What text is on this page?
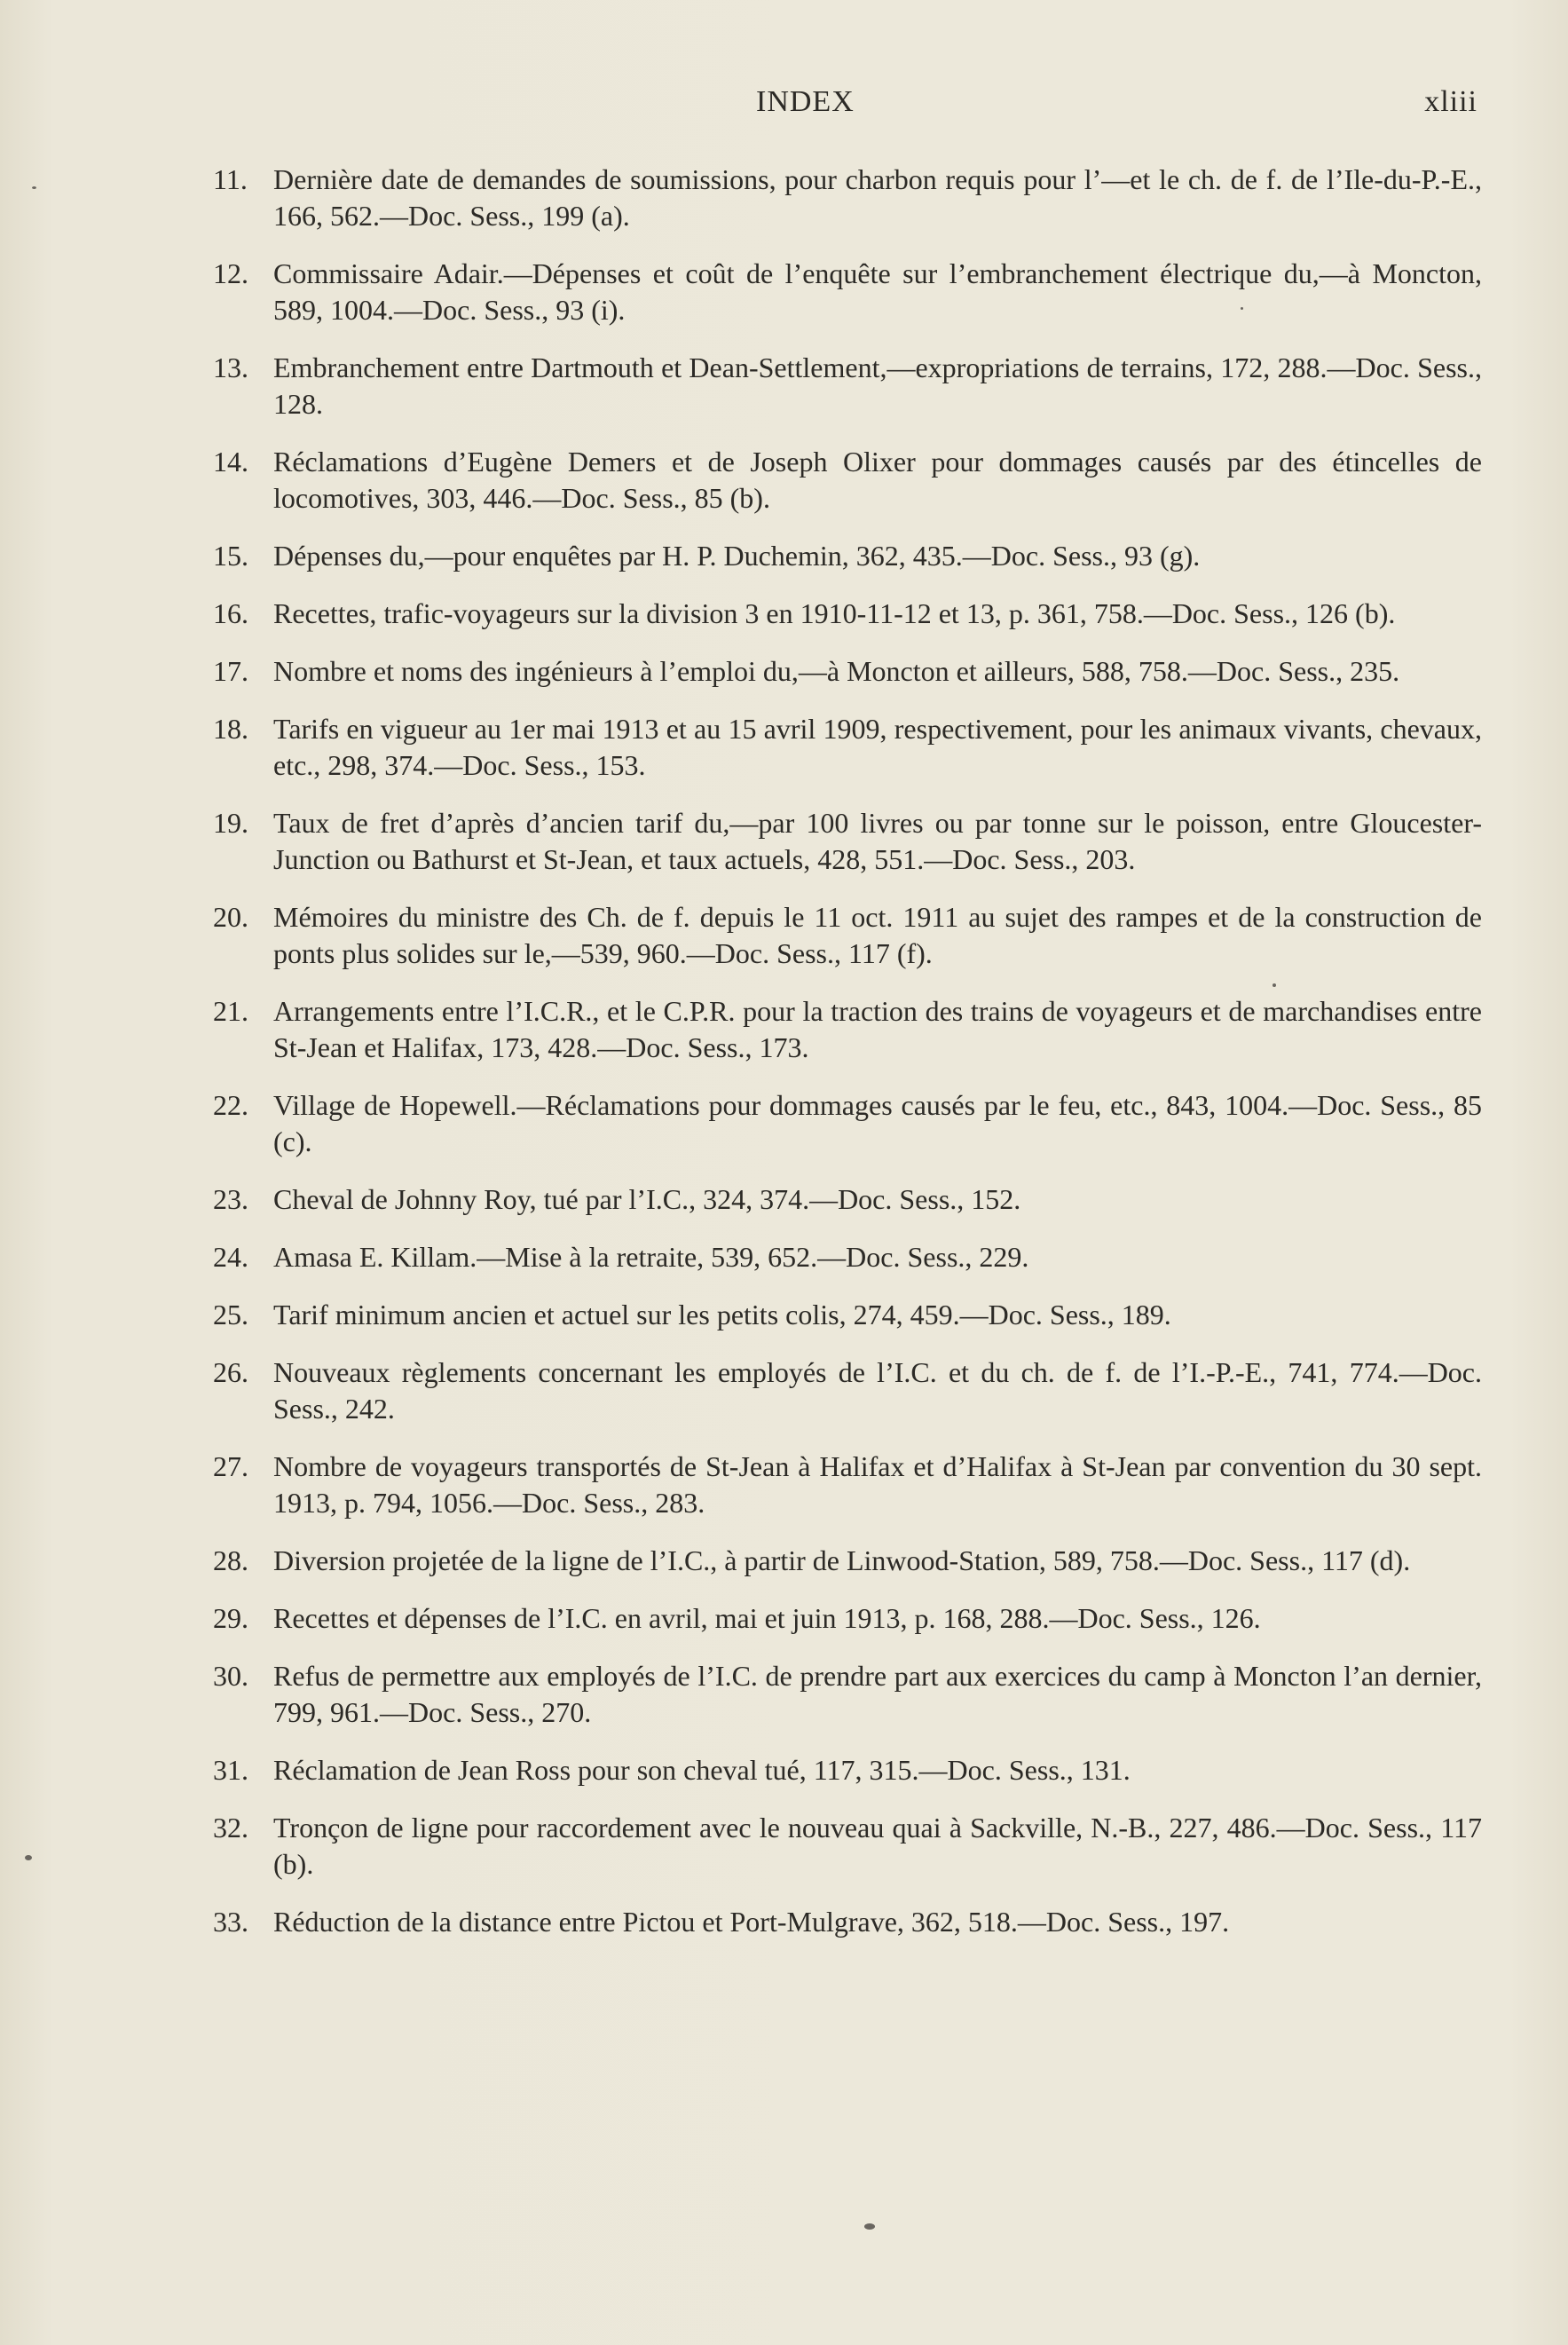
INDEX	xliii
11. Dernière date de demandes de soumissions, pour charbon requis pour l’—et le ch. de f. de l’Ile-du-P.-E., 166, 562.—Doc. Sess., 199 (a).
12. Commissaire Adair.—Dépenses et coût de l’enquête sur l’embranchement électrique du,—à Moncton, 589, 1004.—Doc. Sess., 93 (i).
13. Embranchement entre Dartmouth et Dean-Settlement,—expropriations de terrains, 172, 288.—Doc. Sess., 128.
14. Réclamations d’Eugène Demers et de Joseph Olixer pour dommages causés par des étincelles de locomotives, 303, 446.—Doc. Sess., 85 (b).
15. Dépenses du,—pour enquêtes par H. P. Duchemin, 362, 435.—Doc. Sess., 93 (g).
16. Recettes, trafic-voyageurs sur la division 3 en 1910-11-12 et 13, p. 361, 758.—Doc. Sess., 126 (b).
17. Nombre et noms des ingénieurs à l’emploi du,—à Moncton et ailleurs, 588, 758.—Doc. Sess., 235.
18. Tarifs en vigueur au 1er mai 1913 et au 15 avril 1909, respectivement, pour les animaux vivants, chevaux, etc., 298, 374.—Doc. Sess., 153.
19. Taux de fret d’après d’ancien tarif du,—par 100 livres ou par tonne sur le poisson, entre Gloucester-Junction ou Bathurst et St-Jean, et taux actuels, 428, 551.—Doc. Sess., 203.
20. Mémoires du ministre des Ch. de f. depuis le 11 oct. 1911 au sujet des rampes et de la construction de ponts plus solides sur le,—539, 960.—Doc. Sess., 117 (f).
21. Arrangements entre l’I.C.R., et le C.P.R. pour la traction des trains de voyageurs et de marchandises entre St-Jean et Halifax, 173, 428.—Doc. Sess., 173.
22. Village de Hopewell.—Réclamations pour dommages causés par le feu, etc., 843, 1004.—Doc. Sess., 85 (c).
23. Cheval de Johnny Roy, tué par l’I.C., 324, 374.—Doc. Sess., 152.
24. Amasa E. Killam.—Mise à la retraite, 539, 652.—Doc. Sess., 229.
25. Tarif minimum ancien et actuel sur les petits colis, 274, 459.—Doc. Sess., 189.
26. Nouveaux règlements concernant les employés de l’I.C. et du ch. de f. de l’I.-P.-E., 741, 774.—Doc. Sess., 242.
27. Nombre de voyageurs transportés de St-Jean à Halifax et d’Halifax à St-Jean par convention du 30 sept. 1913, p. 794, 1056.—Doc. Sess., 283.
28. Diversion projetée de la ligne de l’I.C., à partir de Linwood-Station, 589, 758.—Doc. Sess., 117 (d).
29. Recettes et dépenses de l’I.C. en avril, mai et juin 1913, p. 168, 288.—Doc. Sess., 126.
30. Refus de permettre aux employés de l’I.C. de prendre part aux exercices du camp à Moncton l’an dernier, 799, 961.—Doc. Sess., 270.
31. Réclamation de Jean Ross pour son cheval tué, 117, 315.—Doc. Sess., 131.
32. Tronçon de ligne pour raccordement avec le nouveau quai à Sackville, N.-B., 227, 486.—Doc. Sess., 117 (b).
33. Réduction de la distance entre Pictou et Port-Mulgrave, 362, 518.—Doc. Sess., 197.
